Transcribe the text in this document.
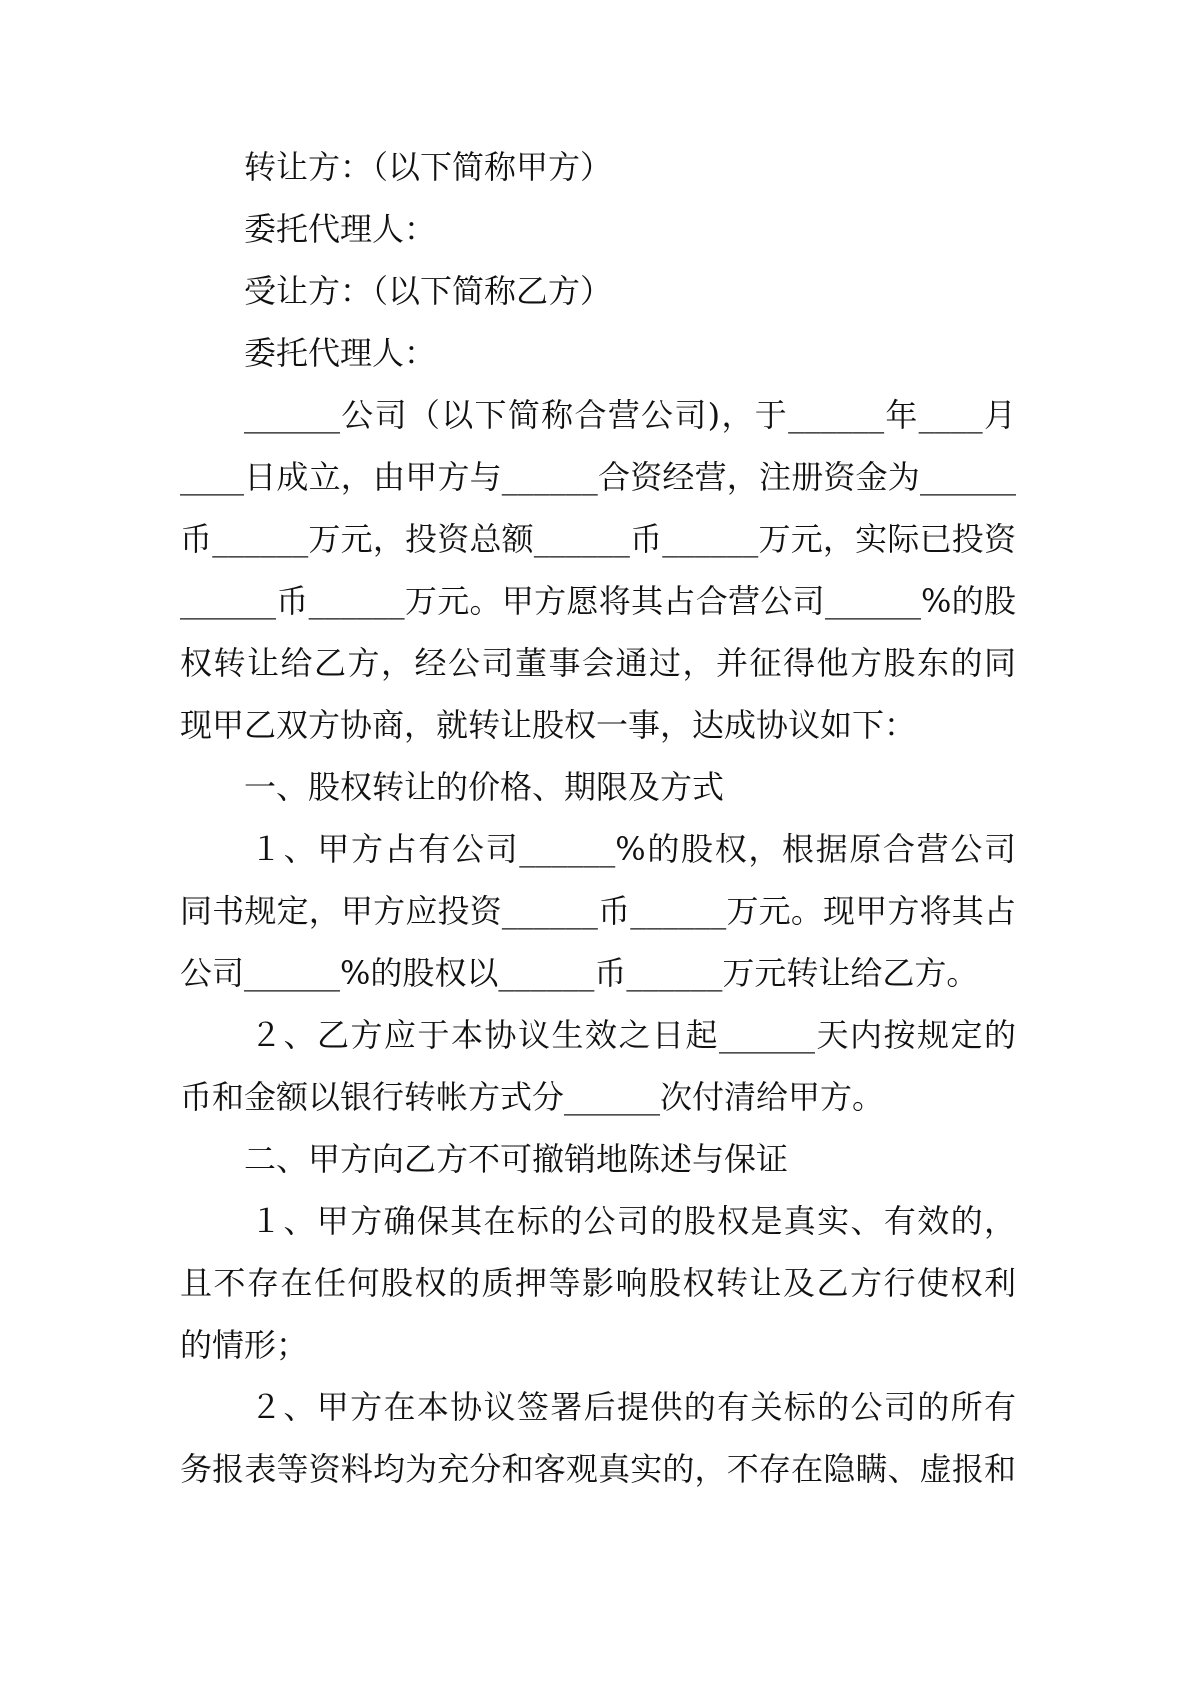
转让方：（以下简称甲方）
委托代理人：
受让方：（以下简称乙方）
委托代理人：
______公司（以下简称合营公司)，于______年____月
____日成立，由甲方与______合资经营，注册资金为______
币______万元，投资总额______币______万元，实际已投资
______币______万元。甲方愿将其占合营公司______%的股
权转让给乙方，经公司董事会通过，并征得他方股东的同
现甲乙双方协商，就转让股权一事，达成协议如下：
一、股权转让的价格、期限及方式
１、甲方占有公司______%的股权，根据原合营公司
同书规定，甲方应投资______币______万元。现甲方将其占
公司______%的股权以______币______万元转让给乙方。
２、乙方应于本协议生效之日起______天内按规定的
币和金额以银行转帐方式分______次付清给甲方。
二、甲方向乙方不可撤销地陈述与保证
１、甲方确保其在标的公司的股权是真实、有效的，
且不存在任何股权的质押等影响股权转让及乙方行使权利
的情形；
２、甲方在本协议签署后提供的有关标的公司的所有
务报表等资料均为充分和客观真实的，不存在隐瞒、虚报和
